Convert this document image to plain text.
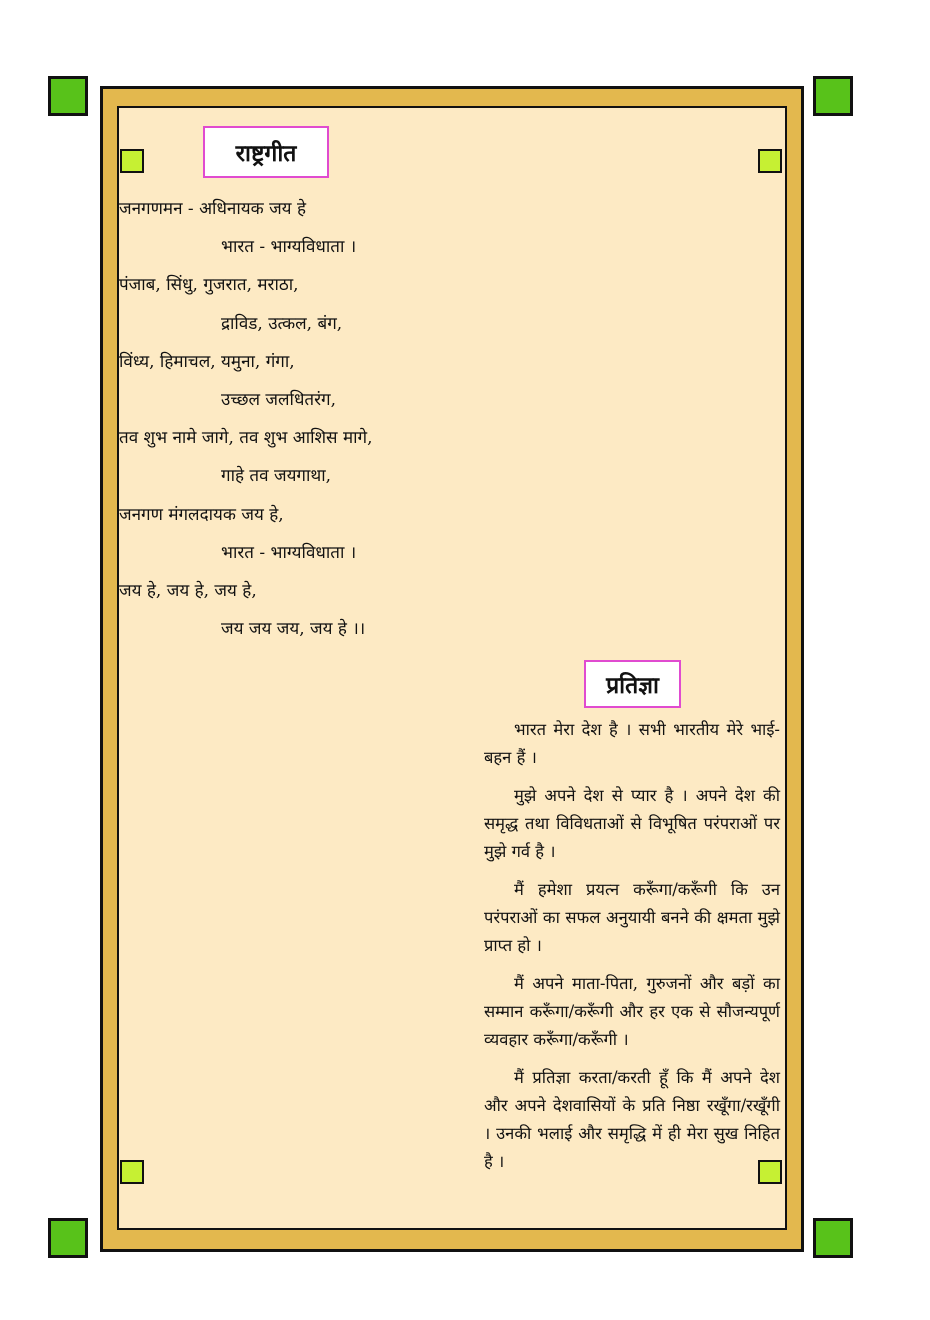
राष्ट्रगीत
जनगणमन - अधिनायक जय हे
भारत - भाग्यविधाता ।
पंजाब, सिंधु, गुजरात, मराठा,
द्राविड, उत्कल, बंग,
विंध्य, हिमाचल, यमुना, गंगा,
उच्छल जलधितरंग,
तव शुभ नामे जागे, तव शुभ आशिस मागे,
गाहे तव जयगाथा,
जनगण मंगलदायक जय हे,
भारत - भाग्यविधाता ।
जय हे, जय हे, जय हे,
जय जय जय, जय हे ।।
प्रतिज्ञा

भारत मेरा देश है । सभी भारतीय मेरे भाई-बहन हैं ।

मुझे अपने देश से प्यार है । अपने देश की समृद्ध तथा विविधताओं से विभूषित परंपराओं पर मुझे गर्व है ।

मैं हमेशा प्रयत्न करूँगा/करूँगी कि उन परंपराओं का सफल अनुयायी बनने की क्षमता मुझे प्राप्त हो ।

मैं अपने माता-पिता, गुरुजनों और बड़ों का सम्मान करूँगा/करूँगी और हर एक से सौजन्यपूर्ण व्यवहार करूँगा/करूँगी ।

मैं प्रतिज्ञा करता/करती हूँ कि मैं अपने देश और अपने देशवासियों के प्रति निष्ठा रखूँगा/रखूँगी । उनकी भलाई और समृद्धि में ही मेरा सुख निहित है ।
